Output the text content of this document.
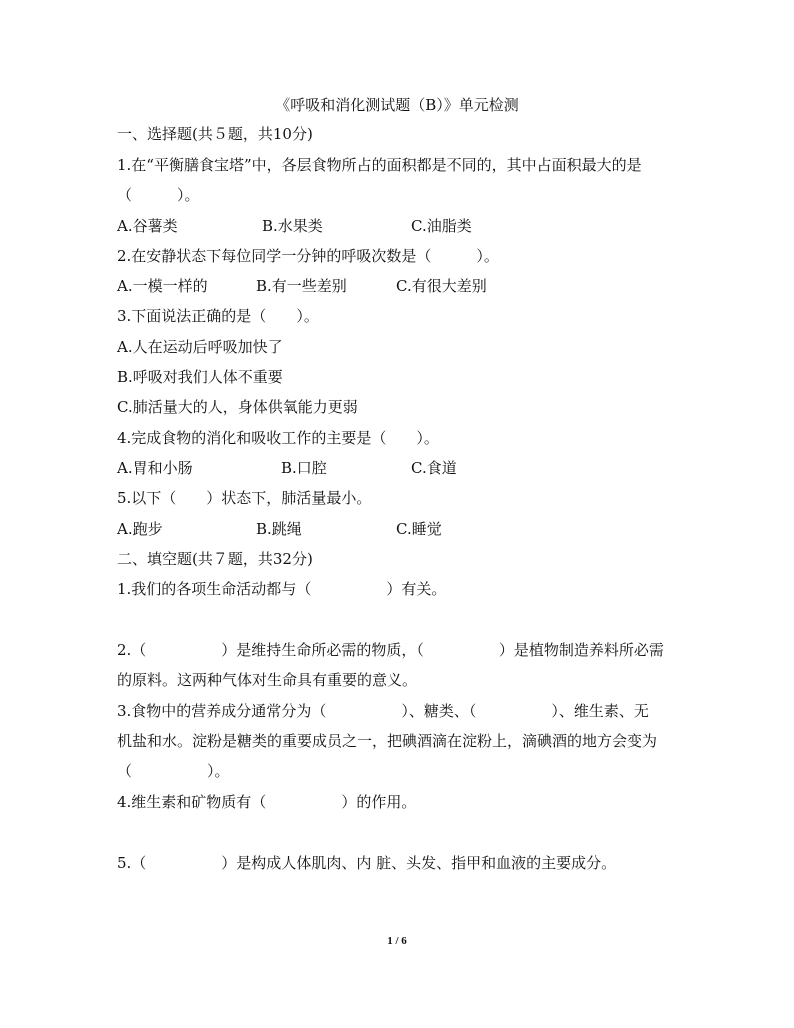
《呼吸和消化测试题（B）》单元检测
一、选择题(共５题，共10分)
1.在“平衡膳食宝塔”中，各层食物所占的面积都是不同的，其中占面积最大的是
（　　　）。
A.谷薯类	B.水果类	C.油脂类
2.在安静状态下每位同学一分钟的呼吸次数是（　　　）。
A.一模一样的	B.有一些差别	C.有很大差别
3.下面说法正确的是（　　）。
A.人在运动后呼吸加快了
B.呼吸对我们人体不重要
C.肺活量大的人，身体供氧能力更弱
4.完成食物的消化和吸收工作的主要是（　　）。
A.胃和小肠	B.口腔	C.食道
5.以下（　　）状态下，肺活量最小。
A.跑步	B.跳绳	C.睡觉
二、填空题(共７题，共32分)
1.我们的各项生命活动都与（　　　　　）有关。
2.（　　　　　）是维持生命所必需的物质，（　　　　　）是植物制造养料所必需
的原料。这两种气体对生命具有重要的意义。
3.食物中的营养成分通常分为（　　　　　）、糖类、（　　　　　）、维生素、无
机盐和水。淀粉是糖类的重要成员之一，把碘酒滴在淀粉上，滴碘酒的地方会变为
（　　　　　）。
4.维生素和矿物质有（　　　　　）的作用。
5.（　　　　　）是构成人体肌肉、内 脏、头发、指甲和血液的主要成分。
1 / 6
